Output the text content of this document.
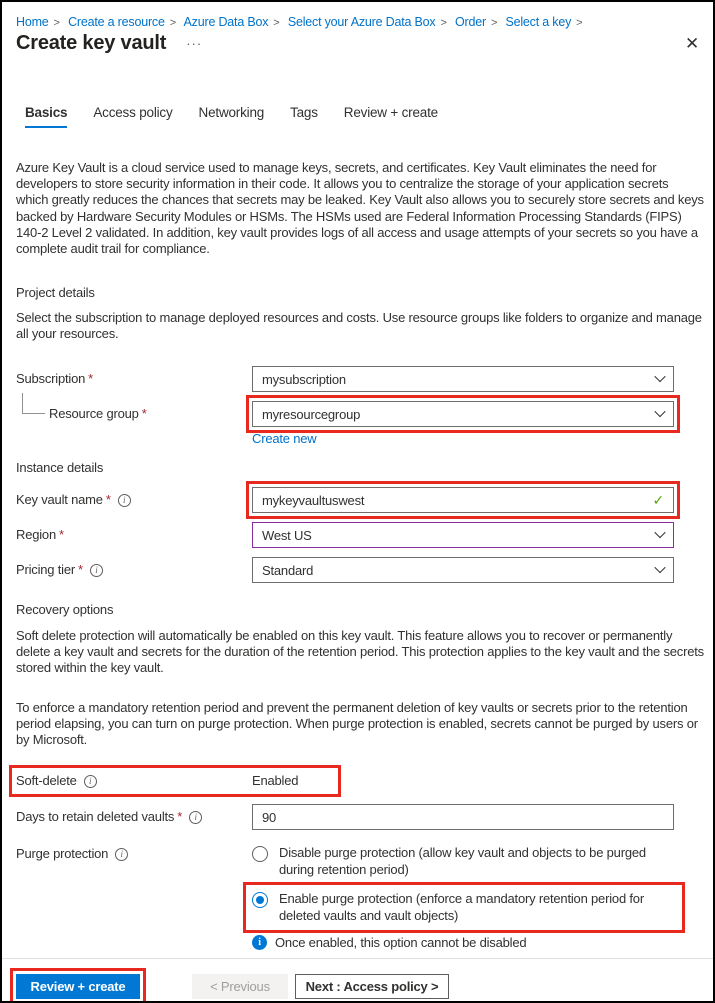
Home > Create a resource > Azure Data Box > Select your Azure Data Box > Order > Select a key >
Create key vault ···	✕
Basics Access policy Networking Tags Review + create

Azure Key Vault is a cloud service used to manage keys, secrets, and certificates. Key Vault eliminates the need for developers to store security information in their code. It allows you to centralize the storage of your application secrets which greatly reduces the chances that secrets may be leaked. Key Vault also allows you to securely store secrets and keys backed by Hardware Security Modules or HSMs. The HSMs used are Federal Information Processing Standards (FIPS) 140-2 Level 2 validated. In addition, key vault provides logs of all access and usage attempts of your secrets so you have a complete audit trail for compliance.

Project details

Select the subscription to manage deployed resources and costs. Use resource groups like folders to organize and manage all your resources.

Subscription *	mysubscription
Resource group *	myresourcegroup
Create new
Instance details
Key vault name * i	mykeyvaultuswest	✓
Region *	West US
Pricing tier * i	Standard
Recovery options

Soft delete protection will automatically be enabled on this key vault. This feature allows you to recover or permanently delete a key vault and secrets for the duration of the retention period. This protection applies to the key vault and the secrets stored within the key vault.

To enforce a mandatory retention period and prevent the permanent deletion of key vaults or secrets prior to the retention period elapsing, you can turn on purge protection. When purge protection is enabled, secrets cannot be purged by users or by Microsoft.

Soft-delete i	Enabled
Days to retain deleted vaults * i	90
Purge protection i	Disable purge protection (allow key vault and objects to be purged during retention period)
Enable purge protection (enforce a mandatory retention period for deleted vaults and vault objects)
i	Once enabled, this option cannot be disabled
Review + create	< Previous	Next : Access policy >
